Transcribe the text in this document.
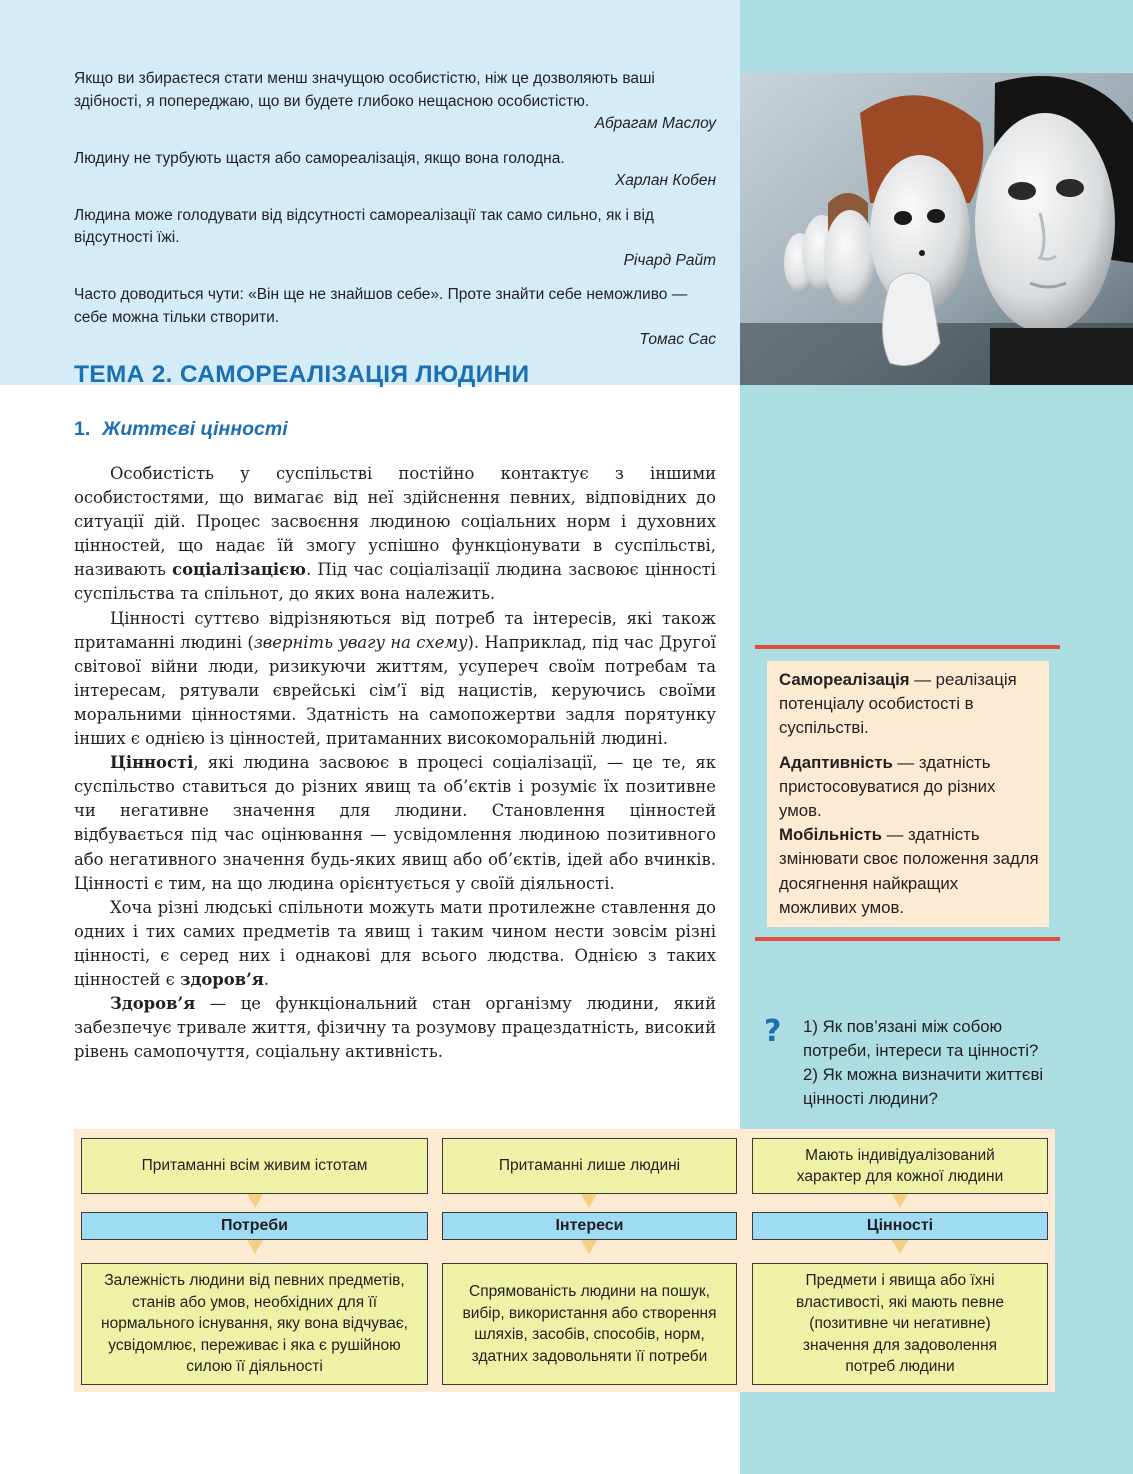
Якщо ви збираєтеся стати менш значущою особистістю, ніж це дозволяють ваші здібності, я попереджаю, що ви будете глибоко нещасною особистістю.
Абрагам Маслоу
Людину не турбують щастя або самореалізація, якщо вона голодна.
Харлан Кобен
Людина може голодувати від відсутності самореалізації так само сильно, як і від відсутності їжі.
Річард Райт
Часто доводиться чути: «Він ще не знайшов себе». Проте знайти себе неможливо — себе можна тільки створити.
Томас Сас
ТЕМА 2. САМОРЕАЛІЗАЦІЯ ЛЮДИНИ
1. Життєві цінності

Особистість у суспільстві постійно контактує з іншими особистостями, що вимагає від неї здійснення певних, відповідних до ситуації дій. Процес засвоєння людиною соціальних норм і духовних цінностей, що надає їй змогу успішно функціонувати в суспільстві, називають соціалізацією. Під час соціалізації людина засвоює цінності суспільства та спільнот, до яких вона належить.

Цінності суттєво відрізняються від потреб та інтересів, які також притаманні людині (зверніть увагу на схему). Наприклад, під час Другої світової війни люди, ризикуючи життям, усупереч своїм потребам та інтересам, рятували єврейські сім’ї від нацистів, керуючись своїми моральними цінностями. Здатність на самопожертви задля порятунку інших є однією із цінностей, притаманних високоморальній людині.

Цінності, які людина засвоює в процесі соціалізації, — це те, як суспільство ставиться до різних явищ та об’єктів і розуміє їх позитивне чи негативне значення для людини. Становлення цінностей відбувається під час оцінювання — усвідомлення людиною позитивного або негативного значення будь-яких явищ або об’єктів, ідей або вчинків. Цінності є тим, на що людина орієнтується у своїй діяльності.

Хоча різні людські спільноти можуть мати протилежне ставлення до одних і тих самих предметів та явищ і таким чином нести зовсім різні цінності, є серед них і однакові для всього людства. Однією з таких цінностей є здоров’я.

Здоров’я — це функціональний стан організму людини, який забезпечує тривале життя, фізичну та розумову працездатність, високий рівень самопочуття, соціальну активність.

Самореалізація — реалізація потенціалу особистості в суспільстві.

Адаптивність — здатність пристосовуватися до різних умов.

Мобільність — здатність змінювати своє положення задля досягнення найкращих можливих умов.

? 1) Як пов’язані між собою потреби, інтереси та цінності?

2) Як можна визначити життєві цінності людини?

Притаманні всім живим істотам
Потреби
Залежність людини від певних предметів, станів або умов, необхідних для її нормального існування, яку вона відчуває, усвідомлює, переживає і яка є рушійною силою її діяльності
Притаманні лише людині
Інтереси
Спрямованість людини на пошук, вибір, використання або створення шляхів, засобів, способів, норм, здатних задовольняти її потреби
Мають індивідуалізований характер для кожної людини
Цінності
Предмети і явища або їхні властивості, які мають певне (позитивне чи негативне) значення для задоволення потреб людини
